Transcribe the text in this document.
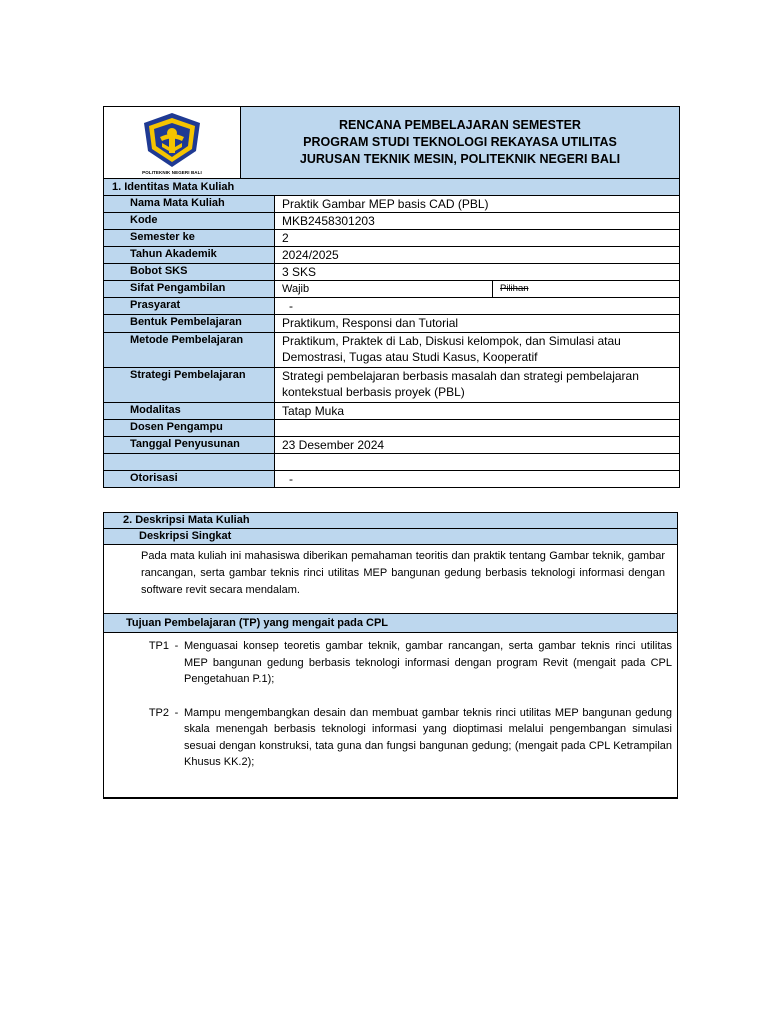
POLITEKNIK NEGERI BALI
RENCANA PEMBELAJARAN SEMESTER
PROGRAM STUDI TEKNOLOGI REKAYASA UTILITAS
JURUSAN TEKNIK MESIN, POLITEKNIK NEGERI BALI
1. Identitas Mata Kuliah
Nama Mata Kuliah	Praktik Gambar MEP basis CAD (PBL)
Kode	MKB2458301203
Semester ke	2
Tahun Akademik	2024/2025
Bobot SKS	3 SKS
Sifat Pengambilan	Wajib	Pilihan
Prasyarat	-
Bentuk Pembelajaran	Praktikum, Responsi dan Tutorial
Metode Pembelajaran	Praktikum, Praktek di Lab, Diskusi kelompok, dan Simulasi atau Demostrasi, Tugas atau Studi Kasus, Kooperatif
Strategi Pembelajaran	Strategi pembelajaran berbasis masalah dan strategi pembelajaran kontekstual berbasis proyek (PBL)
Modalitas	Tatap Muka
Dosen Pengampu
Tanggal Penyusunan	23 Desember 2024
Otorisasi	-
2. Deskripsi Mata Kuliah
Deskripsi Singkat
Pada mata kuliah ini mahasiswa diberikan pemahaman teoritis dan praktik tentang Gambar teknik, gambar rancangan, serta gambar teknis rinci utilitas MEP bangunan gedung berbasis teknologi informasi dengan software revit secara mendalam.
Tujuan Pembelajaran (TP) yang mengait pada CPL
TP1 - Menguasai konsep teoretis gambar teknik, gambar rancangan, serta gambar teknis rinci utilitas MEP bangunan gedung berbasis teknologi informasi dengan program Revit (mengait pada CPL Pengetahuan P.1);
TP2 - Mampu mengembangkan desain dan membuat gambar teknis rinci utilitas MEP bangunan gedung skala menengah berbasis teknologi informasi yang dioptimasi melalui pengembangan simulasi sesuai dengan konstruksi, tata guna dan fungsi bangunan gedung; (mengait pada CPL Ketrampilan Khusus KK.2);
